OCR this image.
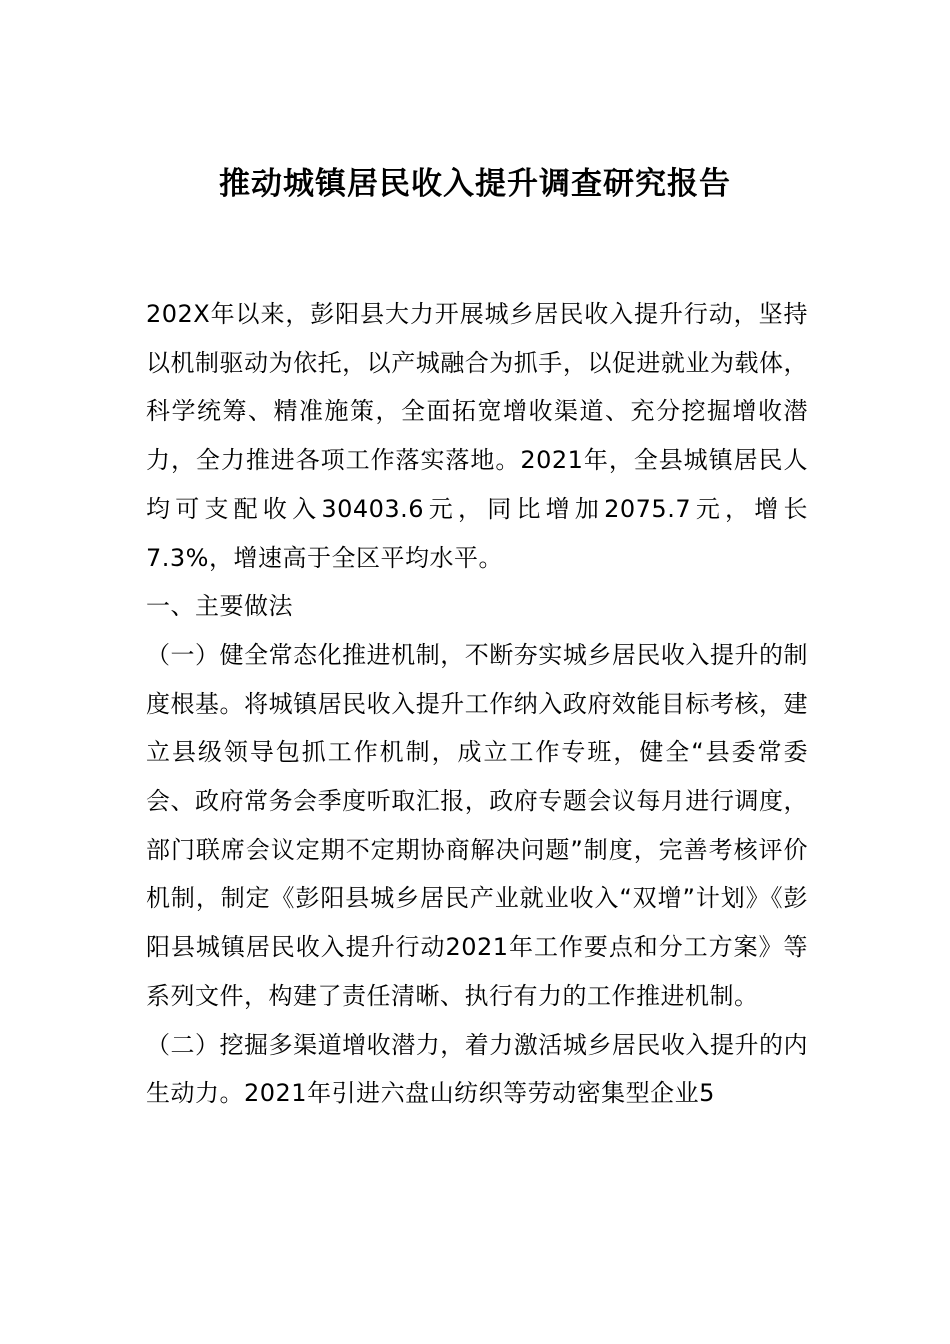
推动城镇居民收入提升调查研究报告

202X年以来，彭阳县大力开展城乡居民收入提升行动，坚持以机制驱动为依托，以产城融合为抓手，以促进就业为载体，科学统筹、精准施策，全面拓宽增收渠道、充分挖掘增收潜力，全力推进各项工作落实落地。2021年，全县城镇居民人均可支配收入30403.6元，同比增加2075.7元，增长7.3%，增速高于全区平均水平。

一、主要做法

（一）健全常态化推进机制，不断夯实城乡居民收入提升的制度根基。将城镇居民收入提升工作纳入政府效能目标考核，建立县级领导包抓工作机制，成立工作专班，健全“县委常委会、政府常务会季度听取汇报，政府专题会议每月进行调度，部门联席会议定期不定期协商解决问题”制度，完善考核评价机制，制定《彭阳县城乡居民产业就业收入“双增”计划》《彭阳县城镇居民收入提升行动2021年工作要点和分工方案》等系列文件，构建了责任清晰、执行有力的工作推进机制。

（二）挖掘多渠道增收潜力，着力激活城乡居民收入提升的内生动力。2021年引进六盘山纺织等劳动密集型企业5
